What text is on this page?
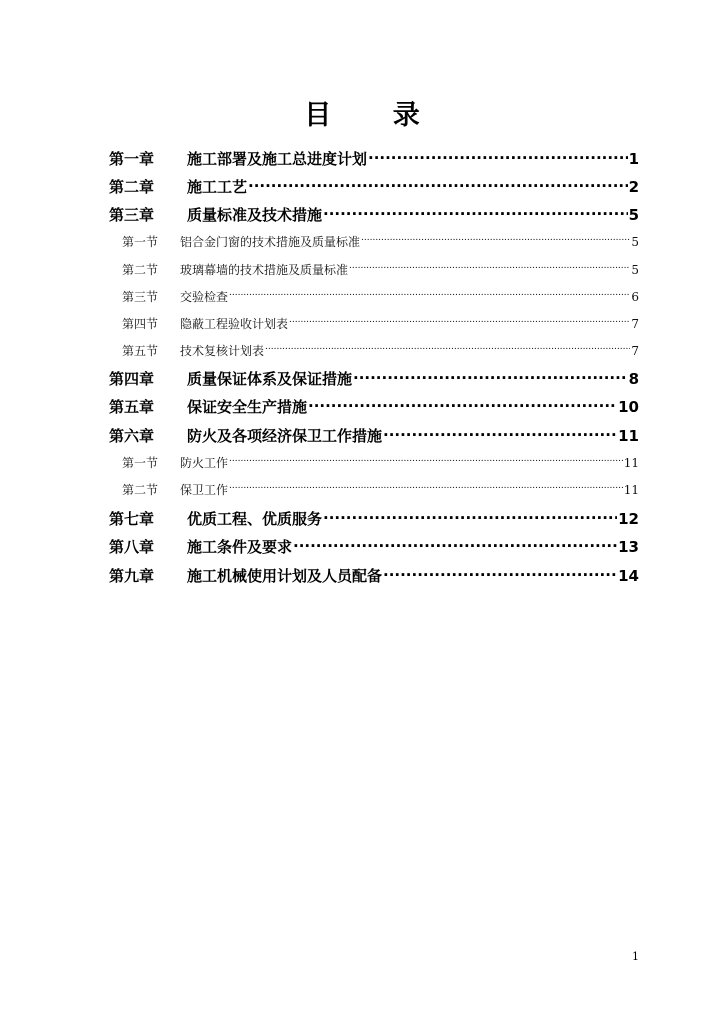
目 录
第一章	施工部署及施工总进度计划 .....	1
第二章	施工工艺 .....	2
第三章	质量标准及技术措施 .....	5
第一节	铝合金门窗的技术措施及质量标准 .....	5
第二节	玻璃幕墙的技术措施及质量标准 .....	5
第三节	交验检查 .....	6
第四节	隐蔽工程验收计划表 .....	7
第五节	技术复核计划表 .....	7
第四章	质量保证体系及保证措施 .....	8
第五章	保证安全生产措施 .....	10
第六章	防火及各项经济保卫工作措施 .....	11
第一节	防火工作 .....	11
第二节	保卫工作 .....	11
第七章	优质工程、优质服务 .....	12
第八章	施工条件及要求 .....	13
第九章	施工机械使用计划及人员配备 .....	14
1
